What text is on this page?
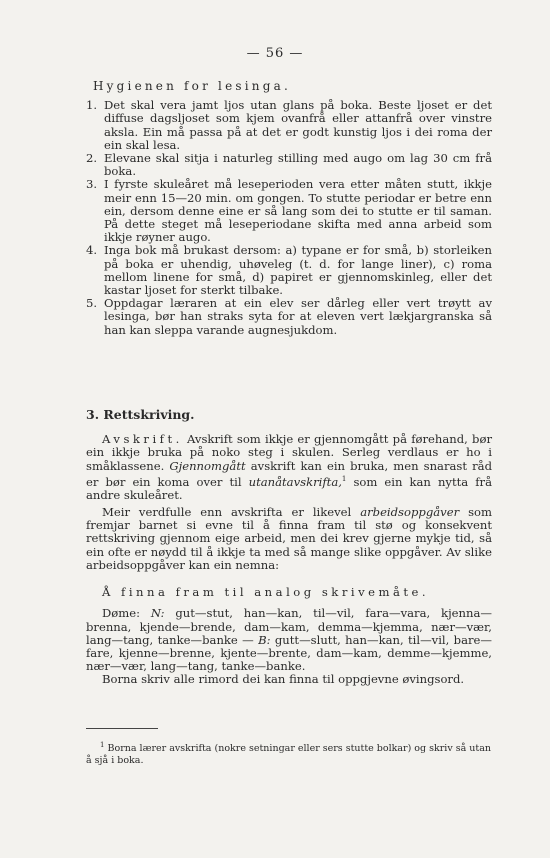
— 56 —
Hygienen for lesinga.
1. Det skal vera jamt ljos utan glans på boka. Beste ljoset er det diffuse dagsljoset som kjem ovanfrå eller attanfrå over vinstre aksla. Ein må passa på at det er godt kunstig ljos i dei roma der ein skal lesa.
2. Elevane skal sitja i naturleg stilling med augo om lag 30 cm frå boka.
3. I fyrste skuleåret må leseperioden vera etter måten stutt, ikkje meir enn 15—20 min. om gongen. To stutte periodar er betre enn ein, dersom denne eine er så lang som dei to stutte er til saman. På dette steget må leseperiodane skifta med anna arbeid som ikkje røyner augo.
4. Inga bok må brukast dersom: a) typane er for små, b) storleiken på boka er uhendig, uhøveleg (t. d. for lange liner), c) roma mellom linene for små, d) papiret er gjennomskinleg, eller det kastar ljoset for sterkt tilbake.
5. Oppdagar læraren at ein elev ser dårleg eller vert trøytt av lesinga, bør han straks syta for at eleven vert lækjargranska så han kan sleppa varande augnesjukdom.
3. Rettskriving.

Avskrift. Avskrift som ikkje er gjennomgått på førehand, bør ein ikkje bruka på noko steg i skulen. Serleg verdlaus er ho i småklassene. Gjennomgått avskrift kan ein bruka, men snarast råd er bør ein koma over til utanåtavskrifta,$^1$ som ein kan nytta frå andre skuleåret.

Meir verdfulle enn avskrifta er likevel arbeidsoppgåver som fremjar barnet si evne til å finna fram til stø og konsekvent rettskriving gjennom eige arbeid, men dei krev gjerne mykje tid, så ein ofte er nøydd til å ikkje ta med så mange slike oppgåver. Av slike arbeidsoppgåver kan ein nemna:

Å finna fram til analog skrivemåte.

Døme: N: gut—stut, han—kan, til—vil, fara—vara, kjenna—brenna, kjende—brende, dam—kam, demma—kjemma, nær—vær, lang—tang, tanke—banke — B: gutt—slutt, han—kan, til—vil, bare—fare, kjenne—brenne, kjente—brente, dam—kam, demme—kjemme, nær—vær, lang—tang, tanke—banke.

Borna skriv alle rimord dei kan finna til oppgjevne øvingsord.

$^1$ Borna lærer avskrifta (nokre setningar eller sers stutte bolkar) og skriv så utan å sjå i boka.
